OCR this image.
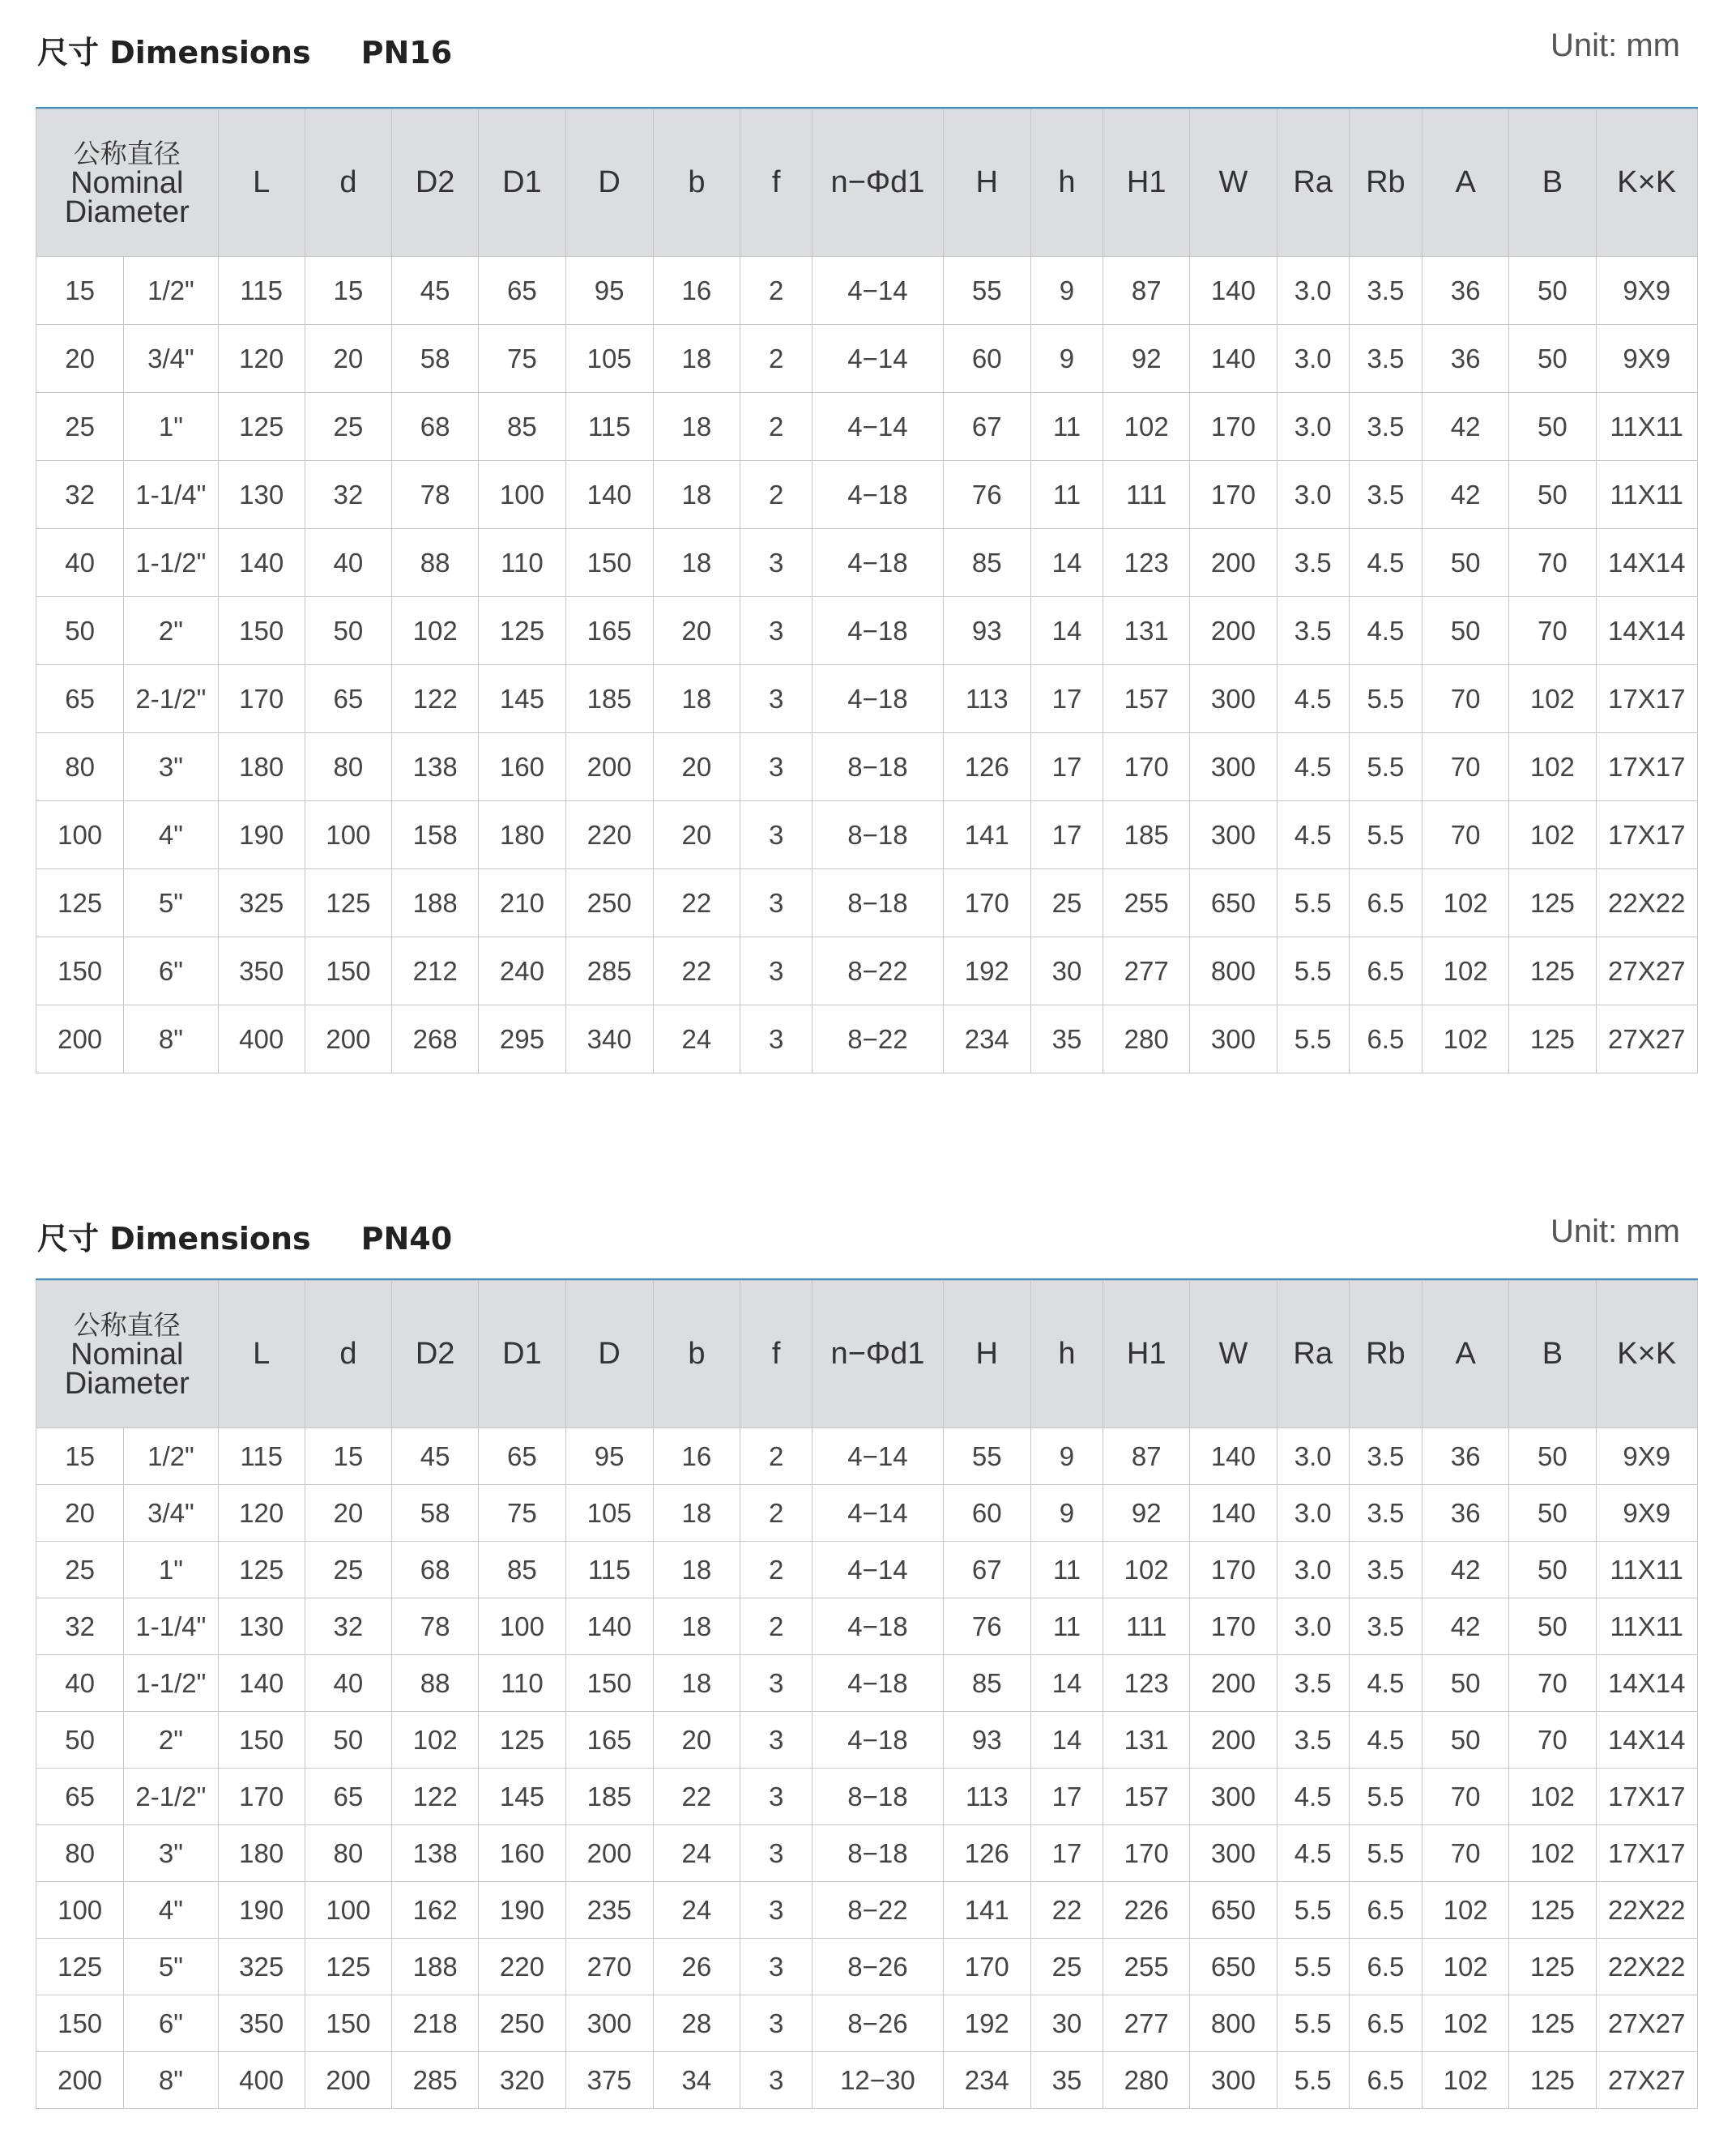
尺寸 Dimensions PN16	Unit: mm
公称直径
Nominal
Diameter		L	d	D2	D1	D	b	f	n−Φd1	H	h	H1	W	Ra	Rb	A	B	K×K
15	1/2"	115	15	45	65	95	16	2	4−14	55	9	87	140	3.0	3.5	36	50	9X9
20	3/4"	120	20	58	75	105	18	2	4−14	60	9	92	140	3.0	3.5	36	50	9X9
25	1"	125	25	68	85	115	18	2	4−14	67	11	102	170	3.0	3.5	42	50	11X11
32	1-1/4"	130	32	78	100	140	18	2	4−18	76	11	111	170	3.0	3.5	42	50	11X11
40	1-1/2"	140	40	88	110	150	18	3	4−18	85	14	123	200	3.5	4.5	50	70	14X14
50	2"	150	50	102	125	165	20	3	4−18	93	14	131	200	3.5	4.5	50	70	14X14
65	2-1/2"	170	65	122	145	185	18	3	4−18	113	17	157	300	4.5	5.5	70	102	17X17
80	3"	180	80	138	160	200	20	3	8−18	126	17	170	300	4.5	5.5	70	102	17X17
100	4"	190	100	158	180	220	20	3	8−18	141	17	185	300	4.5	5.5	70	102	17X17
125	5"	325	125	188	210	250	22	3	8−18	170	25	255	650	5.5	6.5	102	125	22X22
150	6"	350	150	212	240	285	22	3	8−22	192	30	277	800	5.5	6.5	102	125	27X27
200	8"	400	200	268	295	340	24	3	8−22	234	35	280	300	5.5	6.5	102	125	27X27
尺寸 Dimensions PN40	Unit: mm
公称直径
Nominal
Diameter		L	d	D2	D1	D	b	f	n−Φd1	H	h	H1	W	Ra	Rb	A	B	K×K
15	1/2"	115	15	45	65	95	16	2	4−14	55	9	87	140	3.0	3.5	36	50	9X9
20	3/4"	120	20	58	75	105	18	2	4−14	60	9	92	140	3.0	3.5	36	50	9X9
25	1"	125	25	68	85	115	18	2	4−14	67	11	102	170	3.0	3.5	42	50	11X11
32	1-1/4"	130	32	78	100	140	18	2	4−18	76	11	111	170	3.0	3.5	42	50	11X11
40	1-1/2"	140	40	88	110	150	18	3	4−18	85	14	123	200	3.5	4.5	50	70	14X14
50	2"	150	50	102	125	165	20	3	4−18	93	14	131	200	3.5	4.5	50	70	14X14
65	2-1/2"	170	65	122	145	185	22	3	8−18	113	17	157	300	4.5	5.5	70	102	17X17
80	3"	180	80	138	160	200	24	3	8−18	126	17	170	300	4.5	5.5	70	102	17X17
100	4"	190	100	162	190	235	24	3	8−22	141	22	226	650	5.5	6.5	102	125	22X22
125	5"	325	125	188	220	270	26	3	8−26	170	25	255	650	5.5	6.5	102	125	22X22
150	6"	350	150	218	250	300	28	3	8−26	192	30	277	800	5.5	6.5	102	125	27X27
200	8"	400	200	285	320	375	34	3	12−30	234	35	280	300	5.5	6.5	102	125	27X27
